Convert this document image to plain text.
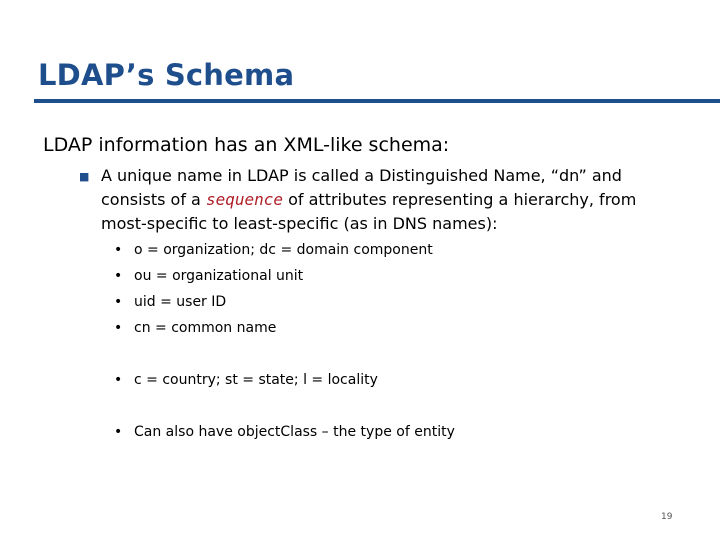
LDAP’s Schema
LDAP information has an XML-like schema:
■ A unique name in LDAP is called a Distinguished Name, “dn” and consists of a sequence of attributes representing a hierarchy, from most-specific to least-specific (as in DNS names):
• o = organization; dc = domain component
• ou = organizational unit
• uid = user ID
• cn = common name
• c = country; st = state; l = locality
• Can also have objectClass – the type of entity
19
